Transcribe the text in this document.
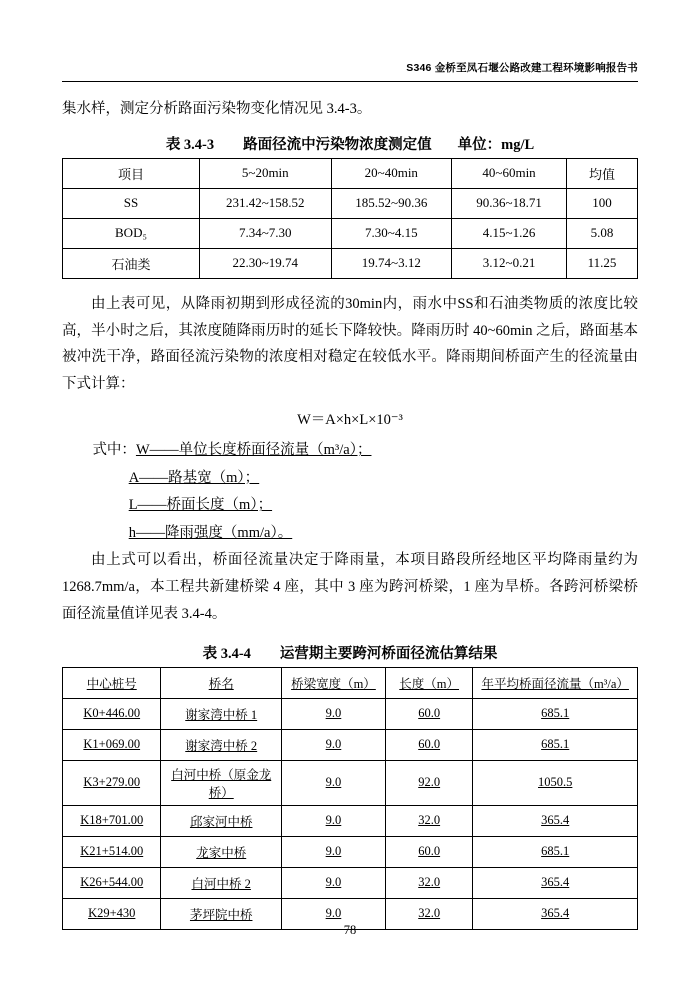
S346 金桥至凤石堰公路改建工程环境影响报告书

集水样，测定分析路面污染物变化情况见 3.4-3。

表 3.4-3　　路面径流中污染物浓度测定值 单位：mg/L
项目	5~20min	20~40min	40~60min	均值
SS	231.42~158.52	185.52~90.36	90.36~18.71	100
BOD₅	7.34~7.30	7.30~4.15	4.15~1.26	5.08
石油类	22.30~19.74	19.74~3.12	3.12~0.21	11.25

由上表可见，从降雨初期到形成径流的30min内，雨水中SS和石油类物质的浓度比较高，半小时之后，其浓度随降雨历时的延长下降较快。降雨历时 40~60min 之后，路面基本被冲洗干净，路面径流污染物的浓度相对稳定在较低水平。降雨期间桥面产生的径流量由下式计算：

W＝A×h×L×10⁻³

式中：W——单位长度桥面径流量（m³/a）；

A——路基宽（m）；

L——桥面长度（m）；

h——降雨强度（mm/a）。

由上式可以看出，桥面径流量决定于降雨量，本项目路段所经地区平均降雨量约为1268.7mm/a，本工程共新建桥梁 4 座，其中 3 座为跨河桥梁，1 座为旱桥。各跨河桥梁桥面径流量值详见表 3.4-4。

表 3.4-4　　运营期主要跨河桥面径流估算结果
中心桩号	桥名	桥梁宽度（m）	长度（m）	年平均桥面径流量（m³/a）
K0+446.00	谢家湾中桥 1	9.0	60.0	685.1
K1+069.00	谢家湾中桥 2	9.0	60.0	685.1
K3+279.00	白河中桥（原金龙桥）	9.0	92.0	1050.5
K18+701.00	邱家河中桥	9.0	32.0	365.4
K21+514.00	龙家中桥	9.0	60.0	685.1
K26+544.00	白河中桥 2	9.0	32.0	365.4
K29+430	茅坪院中桥	9.0	32.0	365.4
78
